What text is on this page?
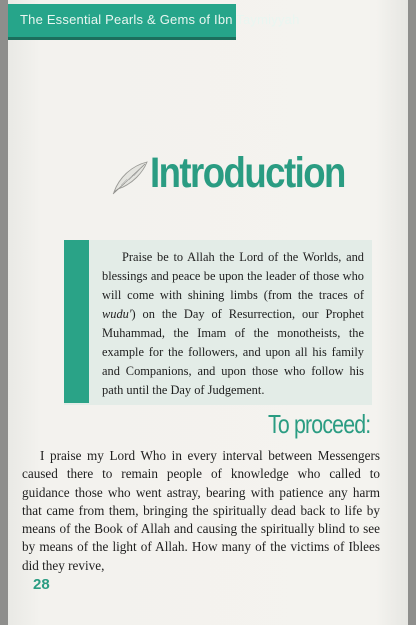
The Essential Pearls & Gems of Ibn Taymiyyah
Introduction
Praise be to Allah the Lord of the Worlds, and blessings and peace be upon the leader of those who will come with shining limbs (from the traces of wudu') on the Day of Resurrection, our Prophet Muhammad, the Imam of the monotheists, the example for the followers, and upon all his family and Companions, and upon those who follow his path until the Day of Judgement.
To proceed:
I praise my Lord Who in every interval between Messengers caused there to remain people of knowledge who called to guidance those who went astray, bearing with patience any harm that came from them, bringing the spiritually dead back to life by means of the Book of Allah and causing the spiritually blind to see by means of the light of Allah. How many of the victims of Iblees did they revive,
28
